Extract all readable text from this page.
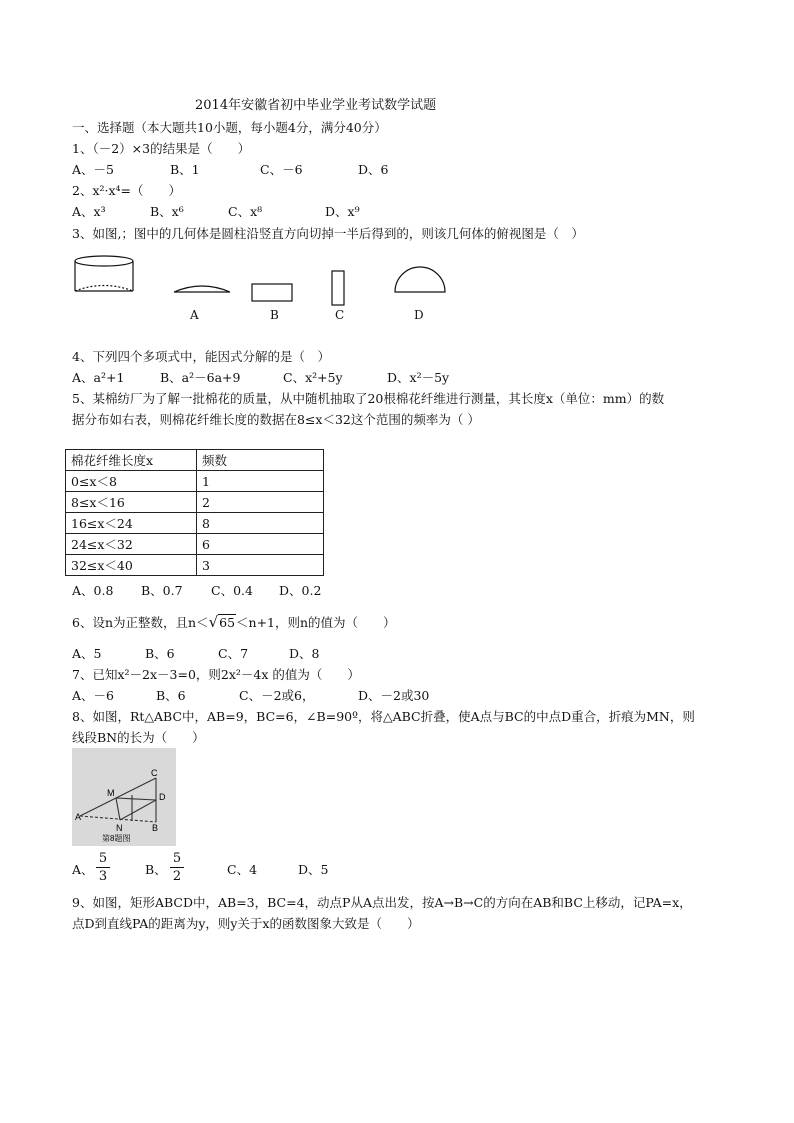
2014年安徽省初中毕业学业考试数学试题
一、选择题（本大题共10小题，每小题4分，满分40分）
1、（－2）×3的结果是（　　）
A、－5	B、1	C、－6	D、6
2、x²·x⁴=（　　）
A、x³	B、x⁶	C、x⁸	D、x⁹
3、如图,；图中的几何体是圆柱沿竖直方向切掉一半后得到的，则该几何体的俯视图是（　）
A	B	C	D
4、下列四个多项式中，能因式分解的是（　）
A、a²+1	B、a²－6a+9	C、x²+5y	D、x²－5y
5、某棉纺厂为了解一批棉花的质量，从中随机抽取了20根棉花纤维进行测量，其长度x（单位：mm）的数
据分布如右表，则棉花纤维长度的数据在8≤x＜32这个范围的频率为（ ）
棉花纤维长度x	频数
0≤x＜8	1
8≤x＜16	2
16≤x＜24	8
24≤x＜32	6
32≤x＜40	3
A、0.8 B、0.7 C、0.4 D、0.2
6、设n为正整数，且n＜√65＜n+1，则n的值为（　　）
A、5	B、6	C、7	D、8
7、已知x²－2x－3=0，则2x²－4x 的值为（　　）
A、－6	B、6	C、－2或6，	D、－2或30
8、如图，Rt△ABC中，AB=9，BC=6，∠B=90º，将△ABC折叠，使A点与BC的中点D重合，折痕为MN，则
线段BN的长为（　　）
C
D
M
A
N	B
第8题图
A、
5
3	B、
5
2	C、4	D、5
9、如图，矩形ABCD中，AB=3，BC=4，动点P从A点出发，按A→B→C的方向在AB和BC上移动，记PA=x，
点D到直线PA的距离为y，则y关于x的函数图象大致是（　　）
